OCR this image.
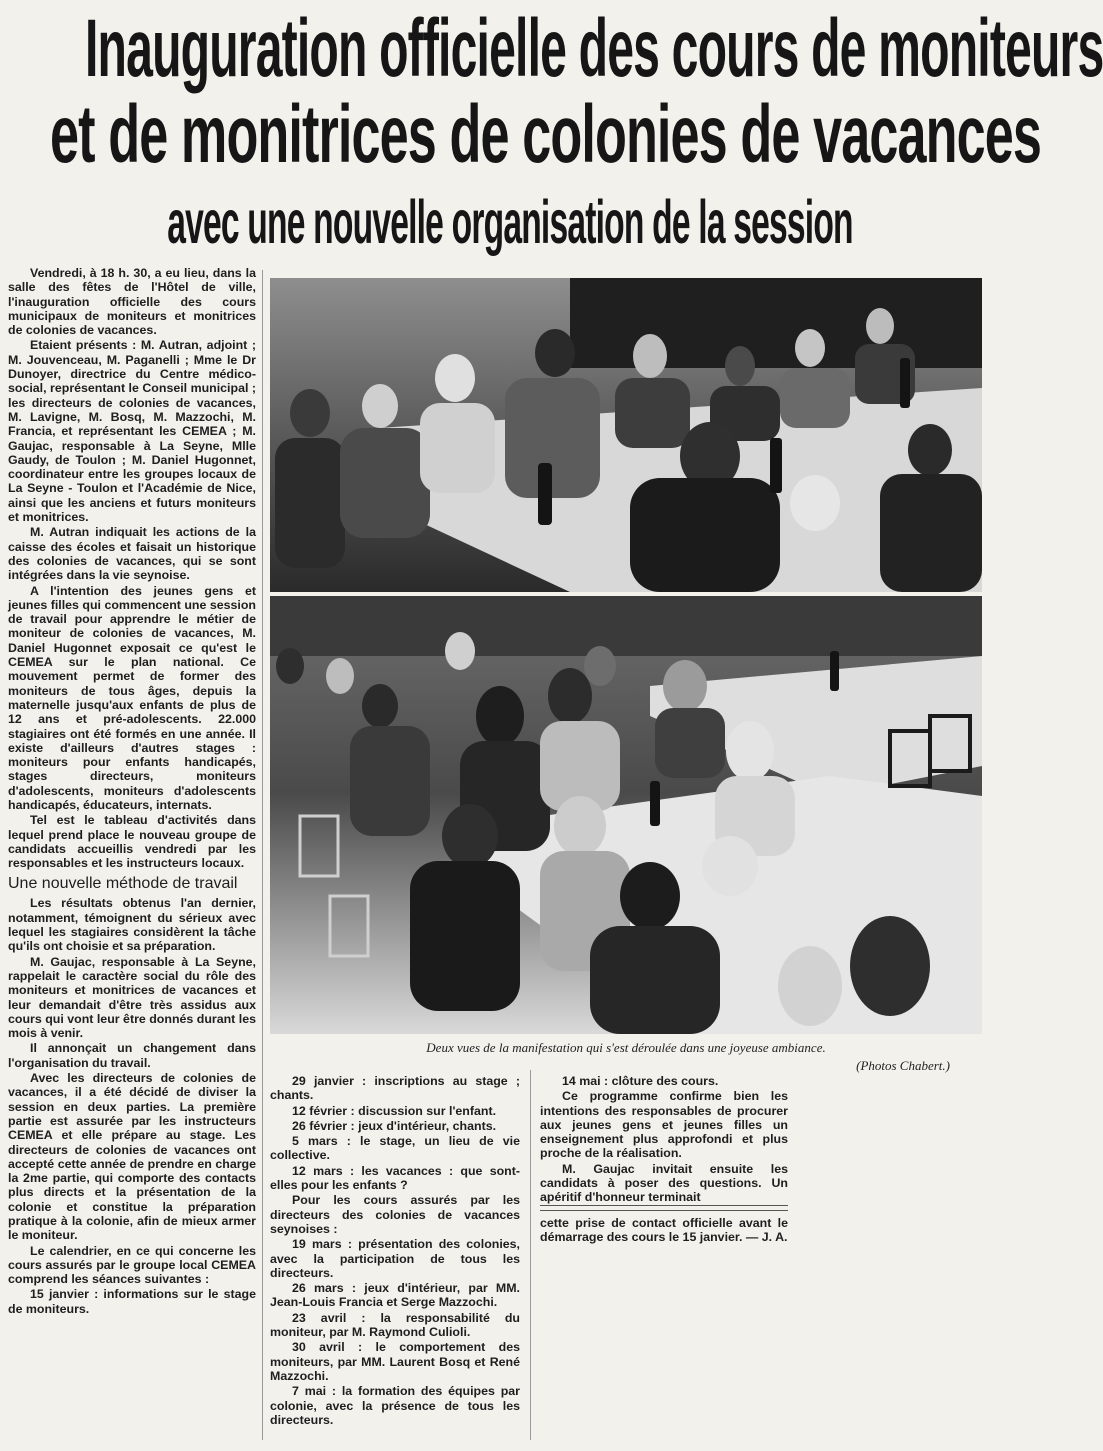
Inauguration officielle des cours de moniteurs
et de monitrices de colonies de vacances
avec une nouvelle organisation de la session

Vendredi, à 18 h. 30, a eu lieu, dans la salle des fêtes de l'Hôtel de ville, l'inauguration officielle des cours municipaux de moniteurs et monitrices de colonies de vacances.

Etaient présents : M. Autran, adjoint ; M. Jouvenceau, M. Paganelli ; Mme le Dr Dunoyer, directrice du Centre médico-social, représentant le Conseil municipal ; les directeurs de colonies de vacances, M. Lavigne, M. Bosq, M. Mazzochi, M. Francia, et représentant les CEMEA ; M. Gaujac, responsable à La Seyne, Mlle Gaudy, de Toulon ; M. Daniel Hugonnet, coordinateur entre les groupes locaux de La Seyne - Toulon et l'Académie de Nice, ainsi que les anciens et futurs moniteurs et monitrices.

M. Autran indiquait les actions de la caisse des écoles et faisait un historique des colonies de vacances, qui se sont intégrées dans la vie seynoise.

A l'intention des jeunes gens et jeunes filles qui commencent une session de travail pour apprendre le métier de moniteur de colonies de vacances, M. Daniel Hugonnet exposait ce qu'est le CEMEA sur le plan national. Ce mouvement permet de former des moniteurs de tous âges, depuis la maternelle jusqu'aux enfants de plus de 12 ans et pré-adolescents. 22.000 stagiaires ont été formés en une année. Il existe d'ailleurs d'autres stages : moniteurs pour enfants handicapés, stages directeurs, moniteurs d'adolescents, moniteurs d'adolescents handicapés, éducateurs, internats.

Tel est le tableau d'activités dans lequel prend place le nouveau groupe de candidats accueillis vendredi par les responsables et les instructeurs locaux.

Une nouvelle méthode de travail

Les résultats obtenus l'an dernier, notamment, témoignent du sérieux avec lequel les stagiaires considèrent la tâche qu'ils ont choisie et sa préparation.

M. Gaujac, responsable à La Seyne, rappelait le caractère social du rôle des moniteurs et monitrices de vacances et leur demandait d'être très assidus aux cours qui vont leur être donnés durant les mois à venir.

Il annonçait un changement dans l'organisation du travail.

Avec les directeurs de colonies de vacances, il a été décidé de diviser la session en deux parties. La première partie est assurée par les instructeurs CEMEA et elle prépare au stage. Les directeurs de colonies de vacances ont accepté cette année de prendre en charge la 2me partie, qui comporte des contacts plus directs et la présentation de la colonie et constitue la préparation pratique à la colonie, afin de mieux armer le moniteur.

Le calendrier, en ce qui concerne les cours assurés par le groupe local CEMEA comprend les séances suivantes :

15 janvier : informations sur le stage de moniteurs.

Deux vues de la manifestation qui s'est déroulée dans une joyeuse ambiance.
(Photos Chabert.)

29 janvier : inscriptions au stage ; chants.

12 février : discussion sur l'enfant.

26 février : jeux d'intérieur, chants.

5 mars : le stage, un lieu de vie collective.

12 mars : les vacances : que sont-elles pour les enfants ?

Pour les cours assurés par les directeurs des colonies de vacances seynoises :

19 mars : présentation des colonies, avec la participation de tous les directeurs.

26 mars : jeux d'intérieur, par MM. Jean-Louis Francia et Serge Mazzochi.

23 avril : la responsabilité du moniteur, par M. Raymond Culioli.

30 avril : le comportement des moniteurs, par MM. Laurent Bosq et René Mazzochi.

7 mai : la formation des équipes par colonie, avec la présence de tous les directeurs.

14 mai : clôture des cours.

Ce programme confirme bien les intentions des responsables de procurer aux jeunes gens et jeunes filles un enseignement plus approfondi et plus proche de la réalisation.

M. Gaujac invitait ensuite les candidats à poser des questions. Un apéritif d'honneur terminait

cette prise de contact officielle avant le démarrage des cours le 15 janvier. — J. A.
